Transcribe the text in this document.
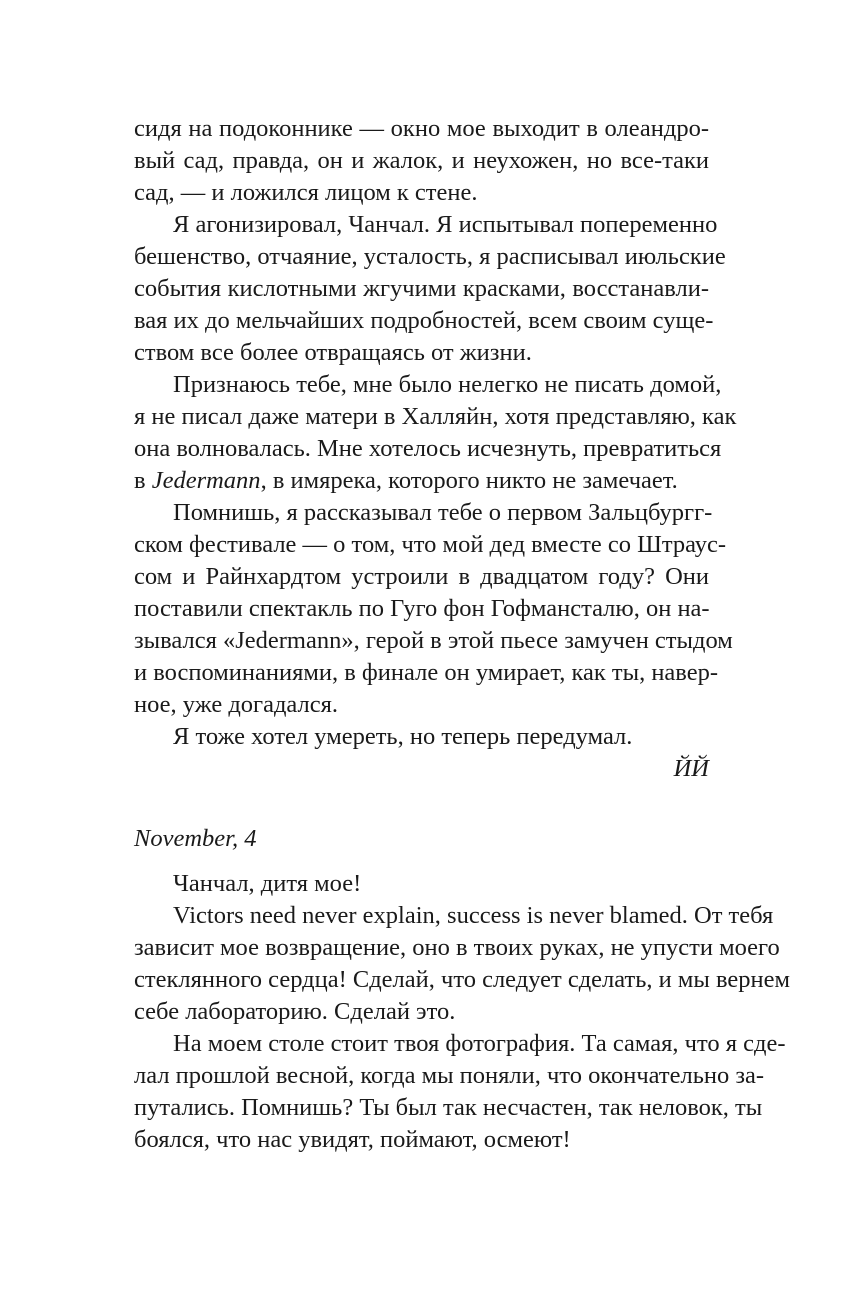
сидя на подоконнике — окно мое выходит в олеандро-
вый сад, правда, он и жалок, и неухожен, но все-таки
сад, — и ложился лицом к стене.
Я агонизировал, Чанчал. Я испытывал попеременно
бешенство, отчаяние, усталость, я расписывал июльские
события кислотными жгучими красками, восстанавли-
вая их до мельчайших подробностей, всем своим суще-
ством все более отвращаясь от жизни.
Признаюсь тебе, мне было нелегко не писать домой,
я не писал даже матери в Халляйн, хотя представляю, как
она волновалась. Мне хотелось исчезнуть, превратиться
в Jedermann, в имярека, которого никто не замечает.
Помнишь, я рассказывал тебе о первом Зальцбургг-
ском фестивале — о том, что мой дед вместе со Штраус-
сом и Райнхардтом устроили в двадцатом году? Они
поставили спектакль по Гуго фон Гофмансталю, он на-
зывался «Jedermann», герой в этой пьесе замучен стыдом
и воспоминаниями, в финале он умирает, как ты, навер-
ное, уже догадался.
Я тоже хотел умереть, но теперь передумал.
ЙЙ
November, 4
Чанчал, дитя мое!
Victors need never explain, success is never blamed. От тебя
зависит мое возвращение, оно в твоих руках, не упусти моего
стеклянного сердца! Сделай, что следует сделать, и мы вернем
себе лабораторию. Сделай это.
На моем столе стоит твоя фотография. Та самая, что я сде-
лал прошлой весной, когда мы поняли, что окончательно за-
путались. Помнишь? Ты был так несчастен, так неловок, ты
боялся, что нас увидят, поймают, осмеют!
